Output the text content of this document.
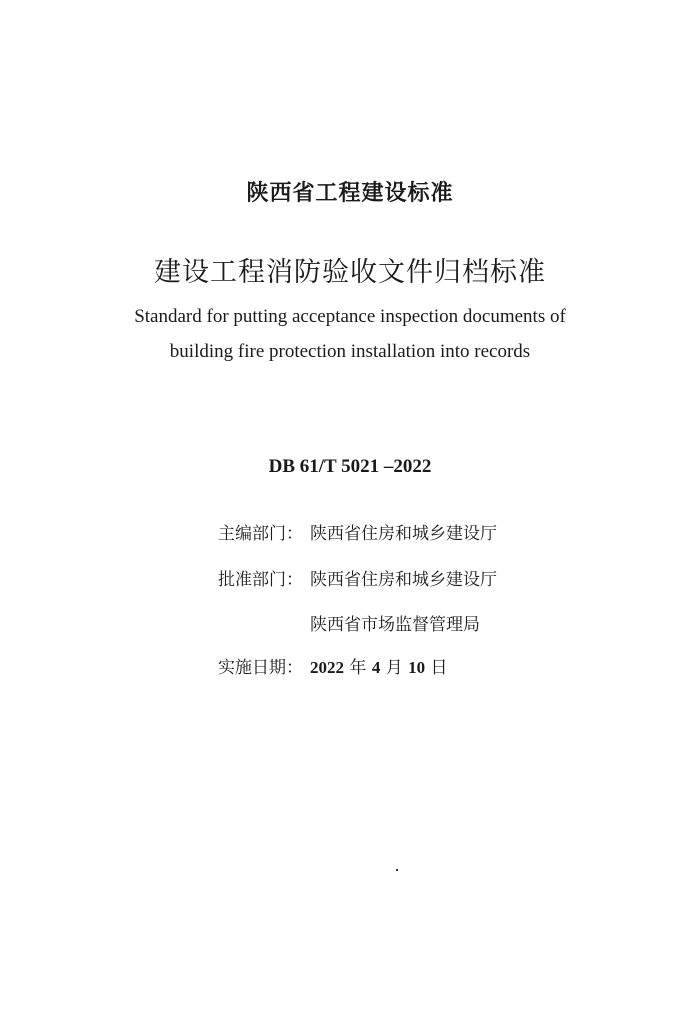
陕西省工程建设标准
建设工程消防验收文件归档标准
Standard for putting acceptance inspection documents of
building fire protection installation into records
DB 61/T 5021 –2022
主编部门： 陕西省住房和城乡建设厅
批准部门： 陕西省住房和城乡建设厅
陕西省市场监督管理局
实施日期： 2022 年 4 月 10 日
